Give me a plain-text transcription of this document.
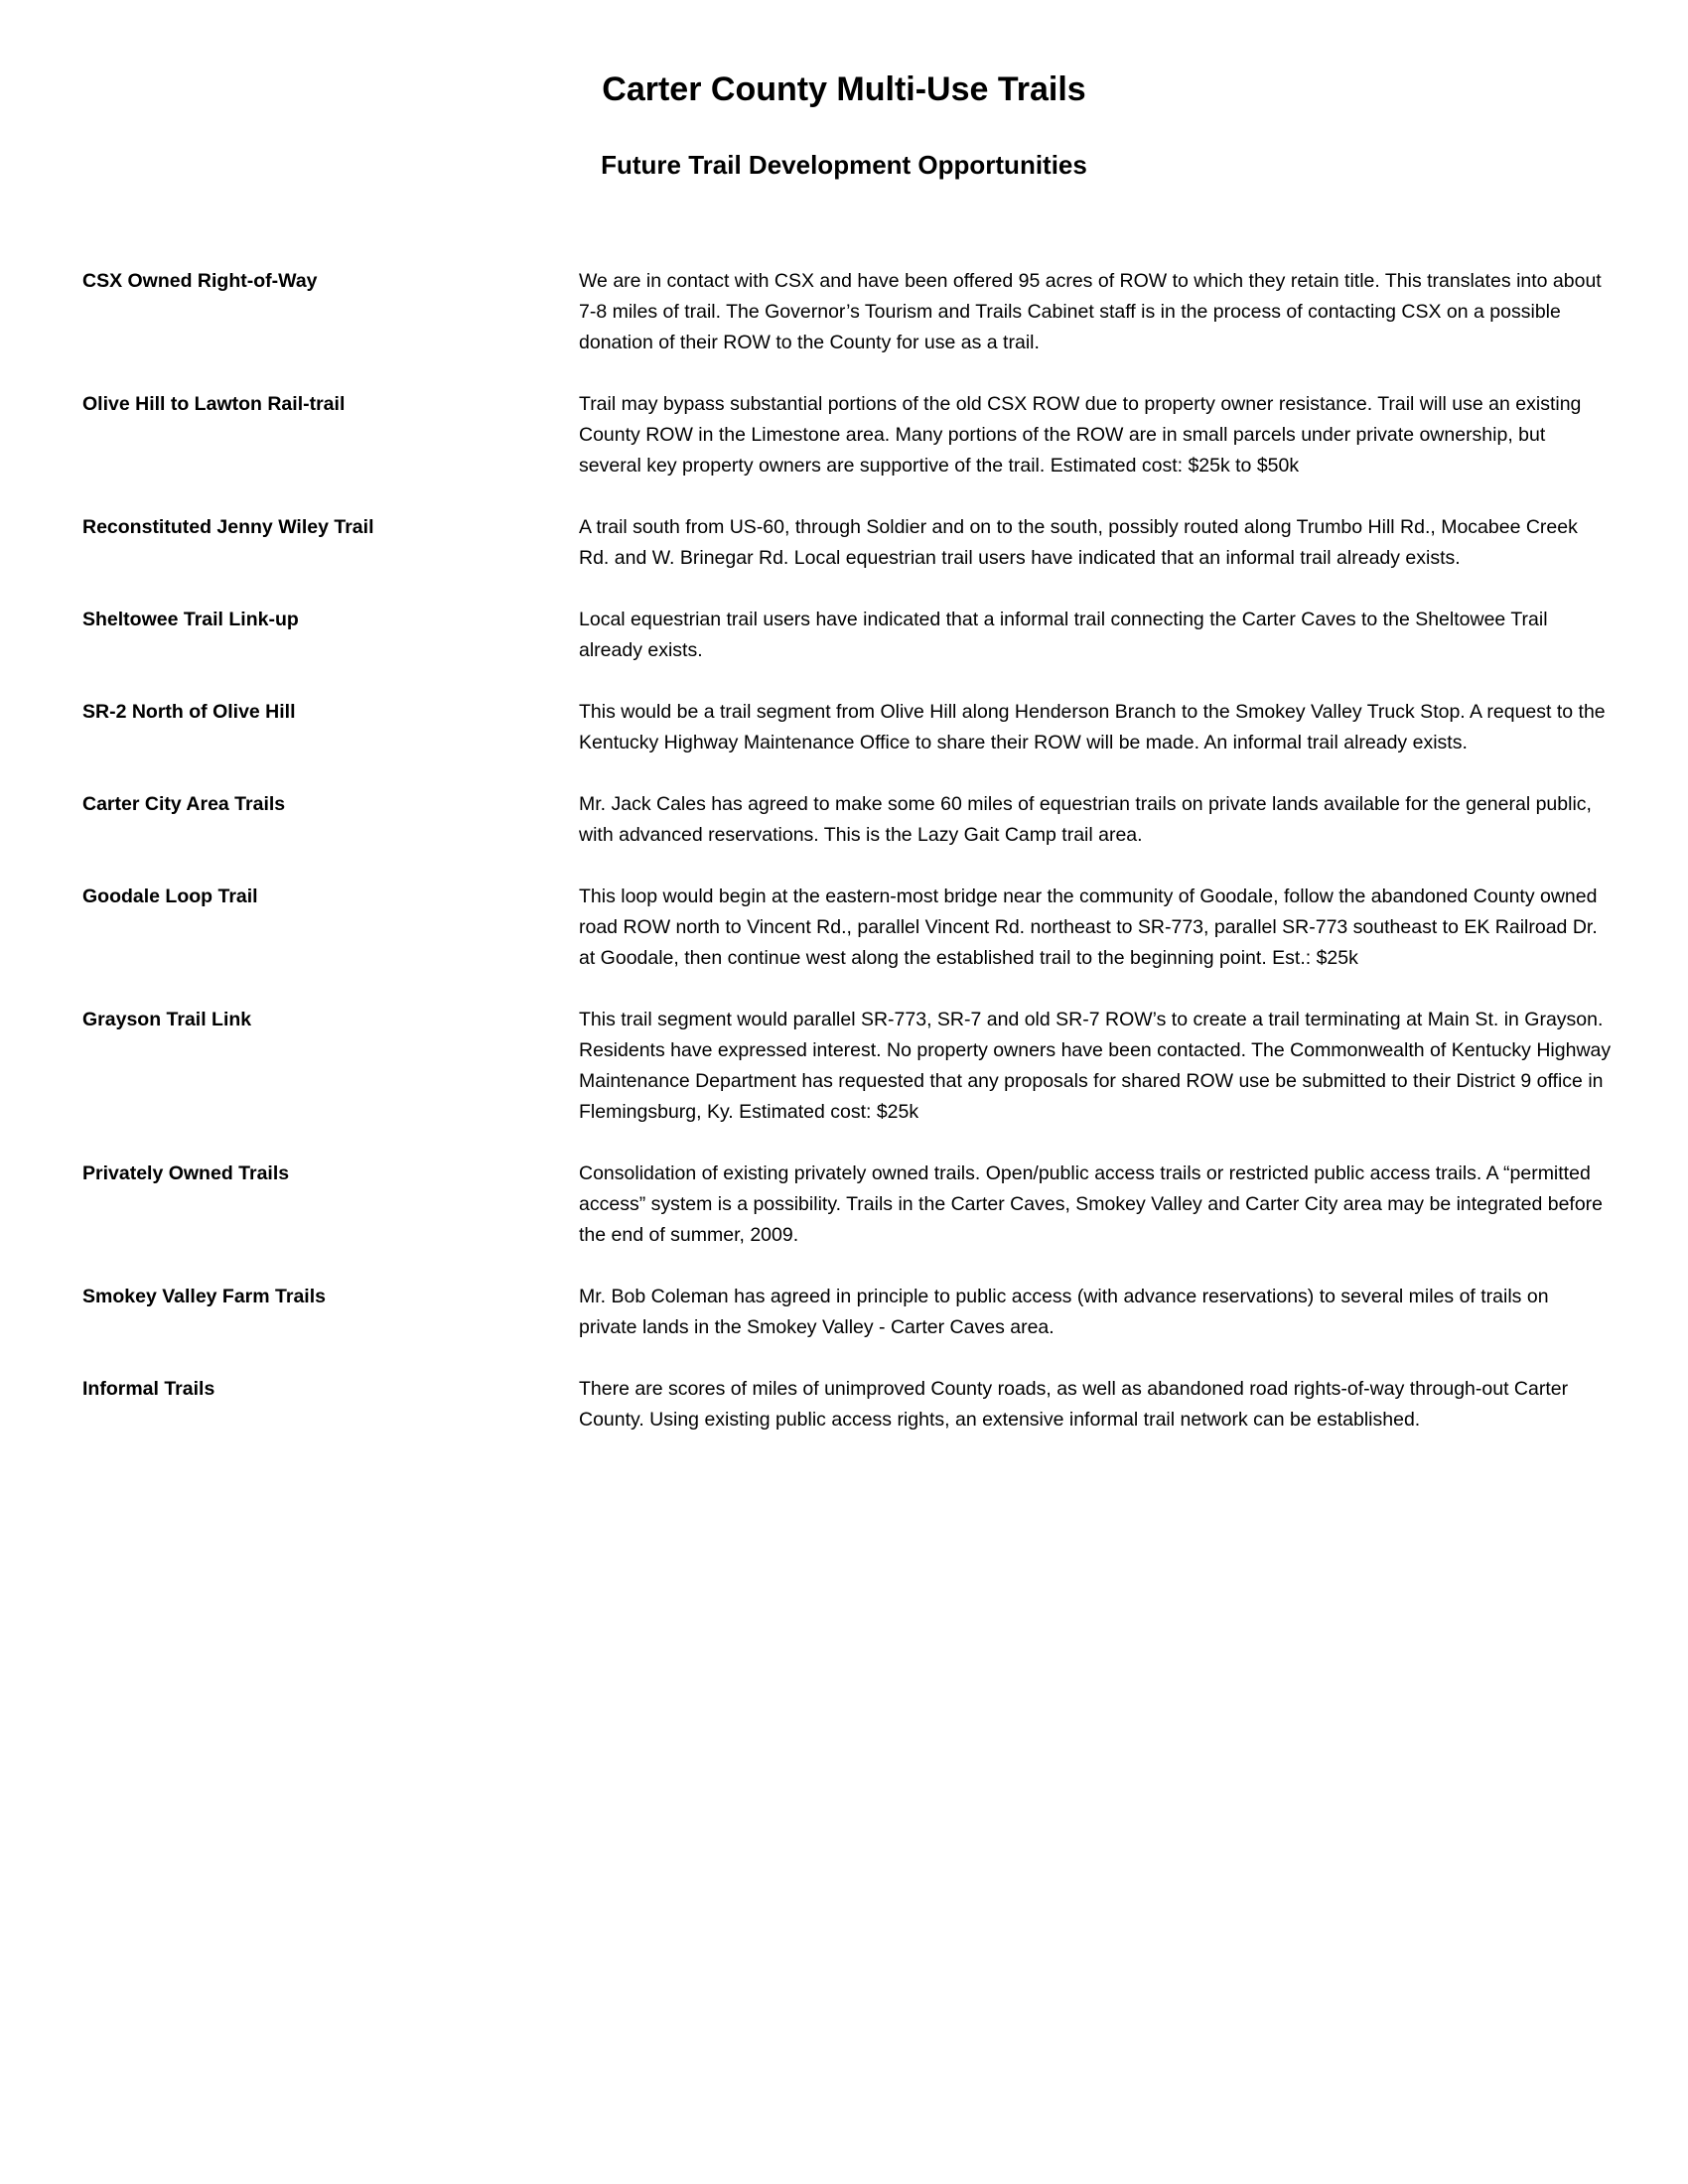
Carter County Multi-Use Trails
Future Trail Development Opportunities
CSX Owned Right-of-Way	We are in contact with CSX and have been offered 95 acres of ROW to which they retain title. This translates into about 7-8 miles of trail. The Governor’s Tourism and Trails Cabinet staff is in the process of contacting CSX on a possible donation of their ROW to the County for use as a trail.
Olive Hill to Lawton Rail-trail	Trail may bypass substantial portions of the old CSX ROW due to property owner resistance. Trail will use an existing County ROW in the Limestone area. Many portions of the ROW are in small parcels under private ownership, but several key property owners are supportive of the trail. Estimated cost: $25k to $50k
Reconstituted Jenny Wiley Trail	A trail south from US-60, through Soldier and on to the south, possibly routed along Trumbo Hill Rd., Mocabee Creek Rd. and W. Brinegar Rd. Local equestrian trail users have indicated that an informal trail already exists.
Sheltowee Trail Link-up	Local equestrian trail users have indicated that a informal trail connecting the Carter Caves to the Sheltowee Trail already exists.
SR-2 North of Olive Hill	This would be a trail segment from Olive Hill along Henderson Branch to the Smokey Valley Truck Stop. A request to the Kentucky Highway Maintenance Office to share their ROW will be made. An informal trail already exists.
Carter City Area Trails	Mr. Jack Cales has agreed to make some 60 miles of equestrian trails on private lands available for the general public, with advanced reservations. This is the Lazy Gait Camp trail area.
Goodale Loop Trail	This loop would begin at the eastern-most bridge near the community of Goodale, follow the abandoned County owned road ROW north to Vincent Rd., parallel Vincent Rd. northeast to SR-773, parallel SR-773 southeast to EK Railroad Dr. at Goodale, then continue west along the established trail to the beginning point. Est.: $25k
Grayson Trail Link	This trail segment would parallel SR-773, SR-7 and old SR-7 ROW’s to create a trail terminating at Main St. in Grayson. Residents have expressed interest. No property owners have been contacted. The Commonwealth of Kentucky Highway Maintenance Department has requested that any proposals for shared ROW use be submitted to their District 9 office in Flemingsburg, Ky. Estimated cost: $25k
Privately Owned Trails	Consolidation of existing privately owned trails. Open/public access trails or restricted public access trails. A “permitted access” system is a possibility. Trails in the Carter Caves, Smokey Valley and Carter City area may be integrated before the end of summer, 2009.
Smokey Valley Farm Trails	Mr. Bob Coleman has agreed in principle to public access (with advance reservations) to several miles of trails on private lands in the Smokey Valley - Carter Caves area.
Informal Trails	There are scores of miles of unimproved County roads, as well as abandoned road rights-of-way through-out Carter County. Using existing public access rights, an extensive informal trail network can be established.
